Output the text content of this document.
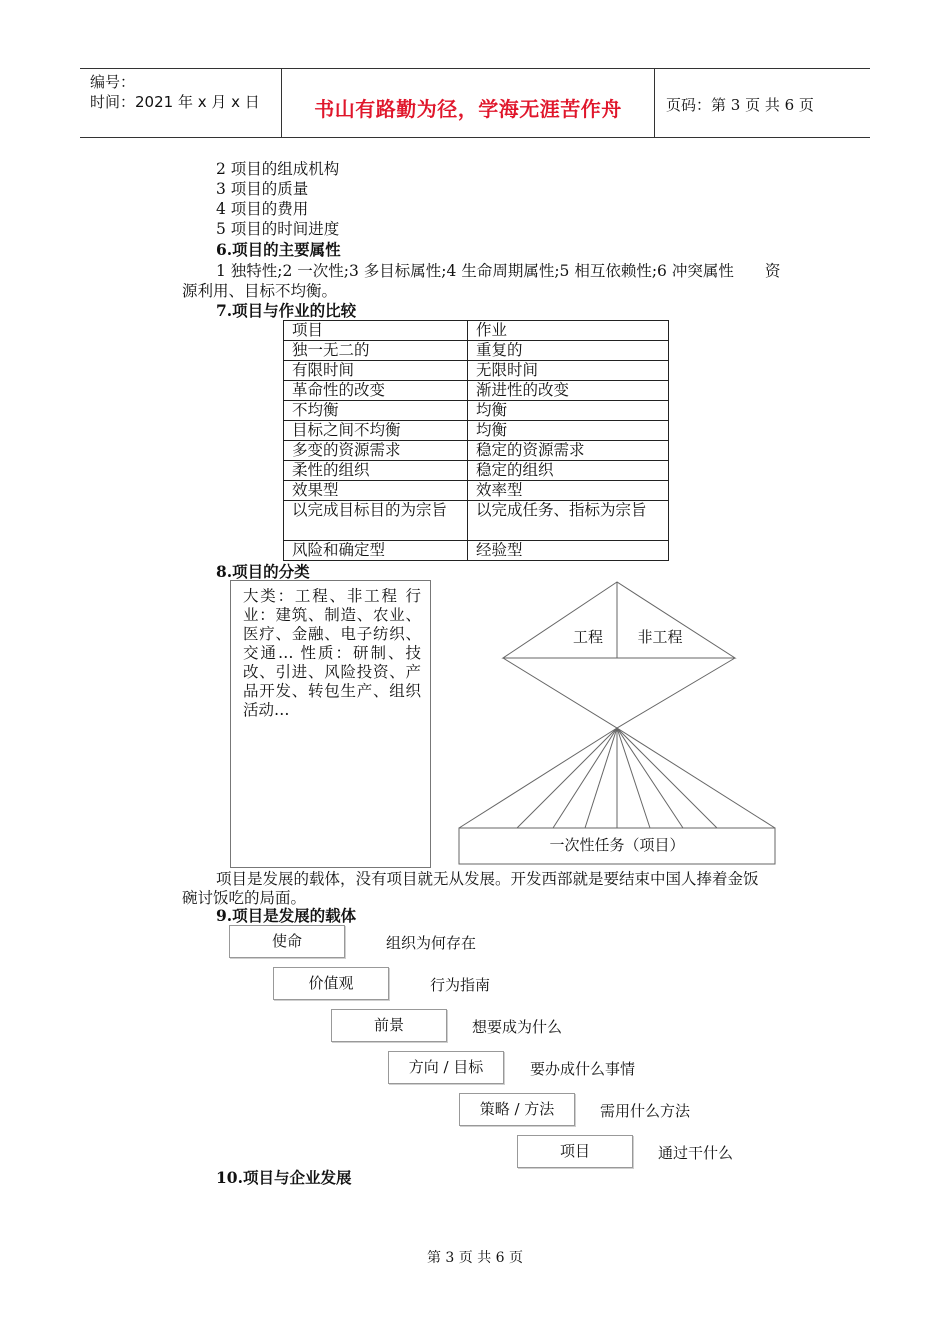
编号：
时间：2021 年 x 月 x 日	书山有路勤为径，学海无涯苦作舟	页码：第 3 页 共 6 页
2 项目的组成机构
3 项目的质量
4 项目的费用
5 项目的时间进度
6.项目的主要属性
1 独特性;2 一次性;3 多目标属性;4 生命周期属性;5 相互依赖性;6 冲突属性　　资
源利用、目标不均衡。
7.项目与作业的比较
项目	作业
独一无二的	重复的
有限时间	无限时间
革命性的改变	渐进性的改变
不均衡	均衡
目标之间不均衡	均衡
多变的资源需求	稳定的资源需求
柔性的组织	稳定的组织
效果型	效率型
以完成目标目的为宗旨	以完成任务、指标为宗旨
风险和确定型	经验型
8.项目的分类
大类：工程、非工程 行业：建筑、制造、农业、医疗、金融、电子纺织、交通… 性质：研制、技改、引进、风险投资、产品开发、转包生产、组织活动…
工程 非工程
一次性任务（项目）
项目是发展的载体，没有项目就无从发展。开发西部就是要结束中国人捧着金饭
碗讨饭吃的局面。
9.项目是发展的载体
使命	组织为何存在
价值观	行为指南
前景	想要成为什么
方向 / 目标	要办成什么事情
策略 / 方法	需用什么方法
项目	通过干什么
10.项目与企业发展
第 3 页 共 6 页
